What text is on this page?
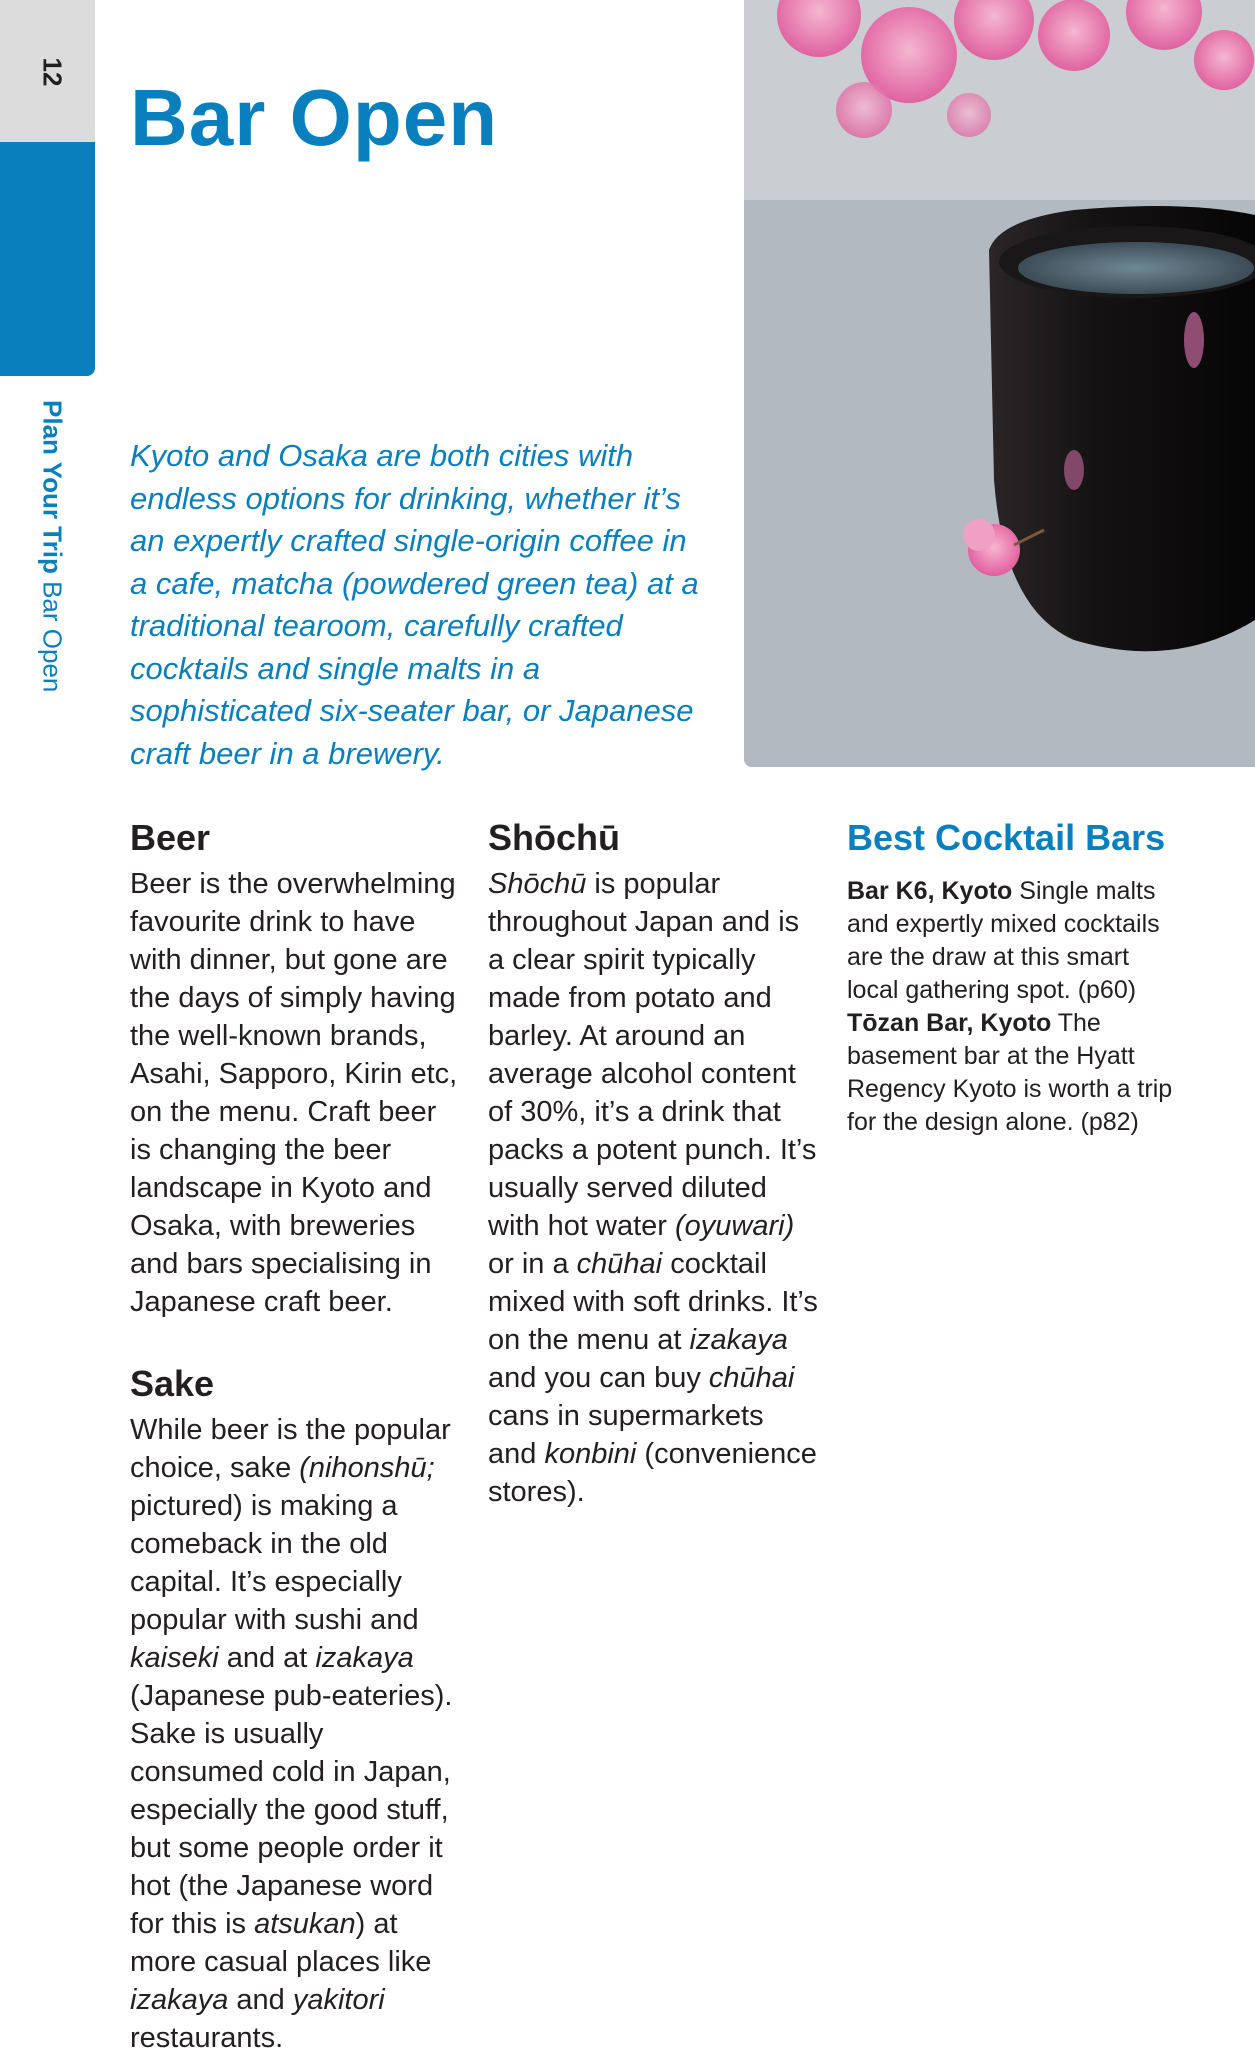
12
Plan Your Trip Bar Open
Bar Open

Kyoto and Osaka are both cities with endless options for drinking, whether it’s an expertly crafted single-origin coffee in a cafe, matcha (powdered green tea) at a traditional tearoom, carefully crafted cocktails and single malts in a sophisticated six-seater bar, or Japanese craft beer in a brewery.

Beer

Beer is the overwhelming favourite drink to have with dinner, but gone are the days of simply having the well-known brands, Asahi, Sapporo, Kirin etc, on the menu. Craft beer is changing the beer landscape in Kyoto and Osaka, with breweries and bars specialising in Japanese craft beer.

Sake

While beer is the popular choice, sake (nihonshū; pictured) is making a comeback in the old capital. It’s especially popular with sushi and kaiseki and at izakaya (Japanese pub-eateries). Sake is usually consumed cold in Japan, especially the good stuff, but some people order it hot (the Japanese word for this is atsukan) at more casual places like izakaya and yakitori restaurants.

Shōchū

Shōchū is popular throughout Japan and is a clear spirit typically made from potato and barley. At around an average alcohol content of 30%, it’s a drink that packs a potent punch. It’s usually served diluted with hot water (oyuwari) or in a chūhai cocktail mixed with soft drinks. It’s on the menu at izakaya and you can buy chūhai cans in supermarkets and konbini (convenience stores).

Best Cocktail Bars

Bar K6, Kyoto Single malts and expertly mixed cocktails are the draw at this smart local gathering spot. (p60)

Tōzan Bar, Kyoto The basement bar at the Hyatt Regency Kyoto is worth a trip for the design alone. (p82)
